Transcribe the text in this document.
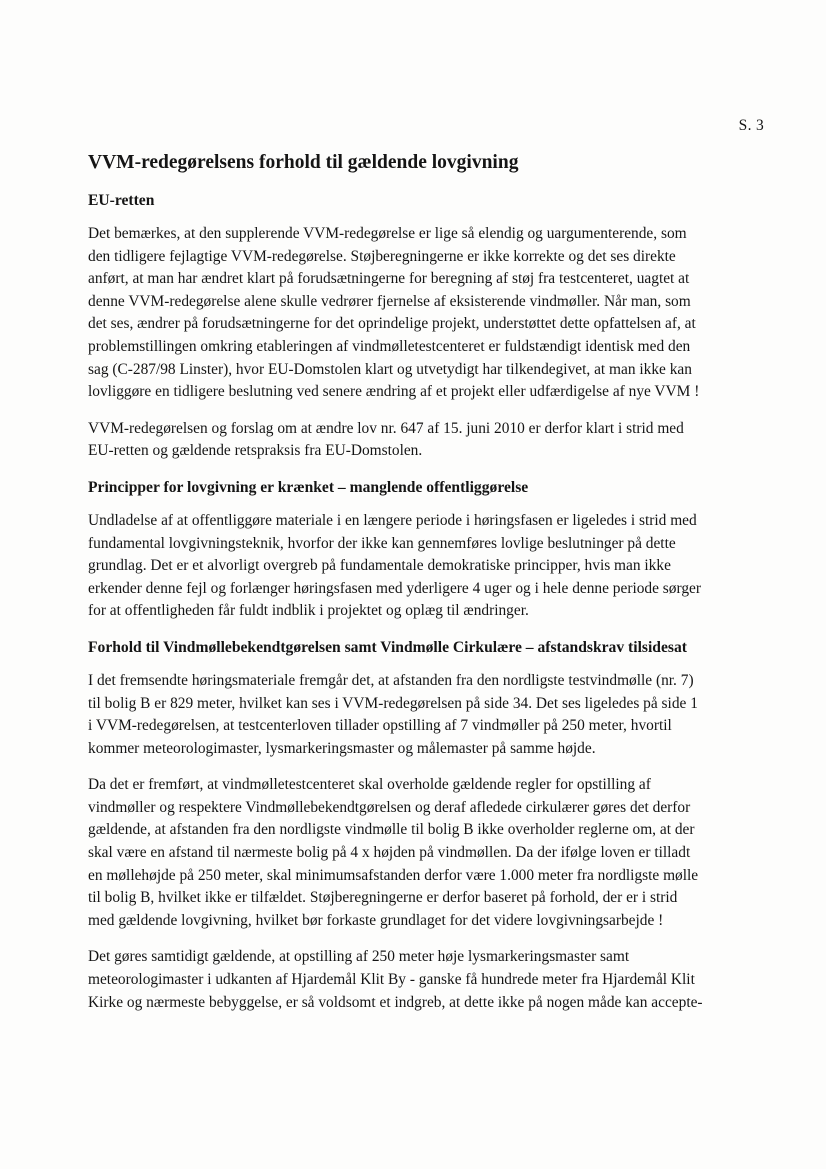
S. 3
VVM-redegørelsens forhold til gældende lovgivning
EU-retten
Det bemærkes, at den supplerende VVM-redegørelse er lige så elendig og uargumenterende, som
den tidligere fejlagtige VVM-redegørelse. Støjberegningerne er ikke korrekte og det ses direkte
anført, at man har ændret klart på forudsætningerne for beregning af støj fra testcenteret, uagtet at
denne VVM-redegørelse alene skulle vedrører fjernelse af eksisterende vindmøller. Når man, som
det ses, ændrer på forudsætningerne for det oprindelige projekt, understøttet dette opfattelsen af, at
problemstillingen omkring etableringen af vindmølletestcenteret er fuldstændigt identisk med den
sag (C-287/98 Linster), hvor EU-Domstolen klart og utvetydigt har tilkendegivet, at man ikke kan
lovliggøre en tidligere beslutning ved senere ændring af et projekt eller udfærdigelse af nye VVM !
VVM-redegørelsen og forslag om at ændre lov nr. 647 af 15. juni 2010 er derfor klart i strid med
EU-retten og gældende retspraksis fra EU-Domstolen.
Principper for lovgivning er krænket – manglende offentliggørelse
Undladelse af at offentliggøre materiale i en længere periode i høringsfasen er ligeledes i strid med
fundamental lovgivningsteknik, hvorfor der ikke kan gennemføres lovlige beslutninger på dette
grundlag. Det er et alvorligt overgreb på fundamentale demokratiske principper, hvis man ikke
erkender denne fejl og forlænger høringsfasen med yderligere 4 uger og i hele denne periode sørger
for at offentligheden får fuldt indblik i projektet og oplæg til ændringer.
Forhold til Vindmøllebekendtgørelsen samt Vindmølle Cirkulære – afstandskrav tilsidesat
I det fremsendte høringsmateriale fremgår det, at afstanden fra den nordligste testvindmølle (nr. 7)
til bolig B er 829 meter, hvilket kan ses i VVM-redegørelsen på side 34. Det ses ligeledes på side 1
i VVM-redegørelsen, at testcenterloven tillader opstilling af 7 vindmøller på 250 meter, hvortil
kommer meteorologimaster, lysmarkeringsmaster og målemaster på samme højde.
Da det er fremført, at vindmølletestcenteret skal overholde gældende regler for opstilling af
vindmøller og respektere Vindmøllebekendtgørelsen og deraf afledede cirkulærer gøres det derfor
gældende, at afstanden fra den nordligste vindmølle til bolig B ikke overholder reglerne om, at der
skal være en afstand til nærmeste bolig på 4 x højden på vindmøllen. Da der ifølge loven er tilladt
en møllehøjde på 250 meter, skal minimumsafstanden derfor være 1.000 meter fra nordligste mølle
til bolig B, hvilket ikke er tilfældet. Støjberegningerne er derfor baseret på forhold, der er i strid
med gældende lovgivning, hvilket bør forkaste grundlaget for det videre lovgivningsarbejde !
Det gøres samtidigt gældende, at opstilling af 250 meter høje lysmarkeringsmaster samt
meteorologimaster i udkanten af Hjardemål Klit By - ganske få hundrede meter fra Hjardemål Klit
Kirke og nærmeste bebyggelse, er så voldsomt et indgreb, at dette ikke på nogen måde kan accepte-
